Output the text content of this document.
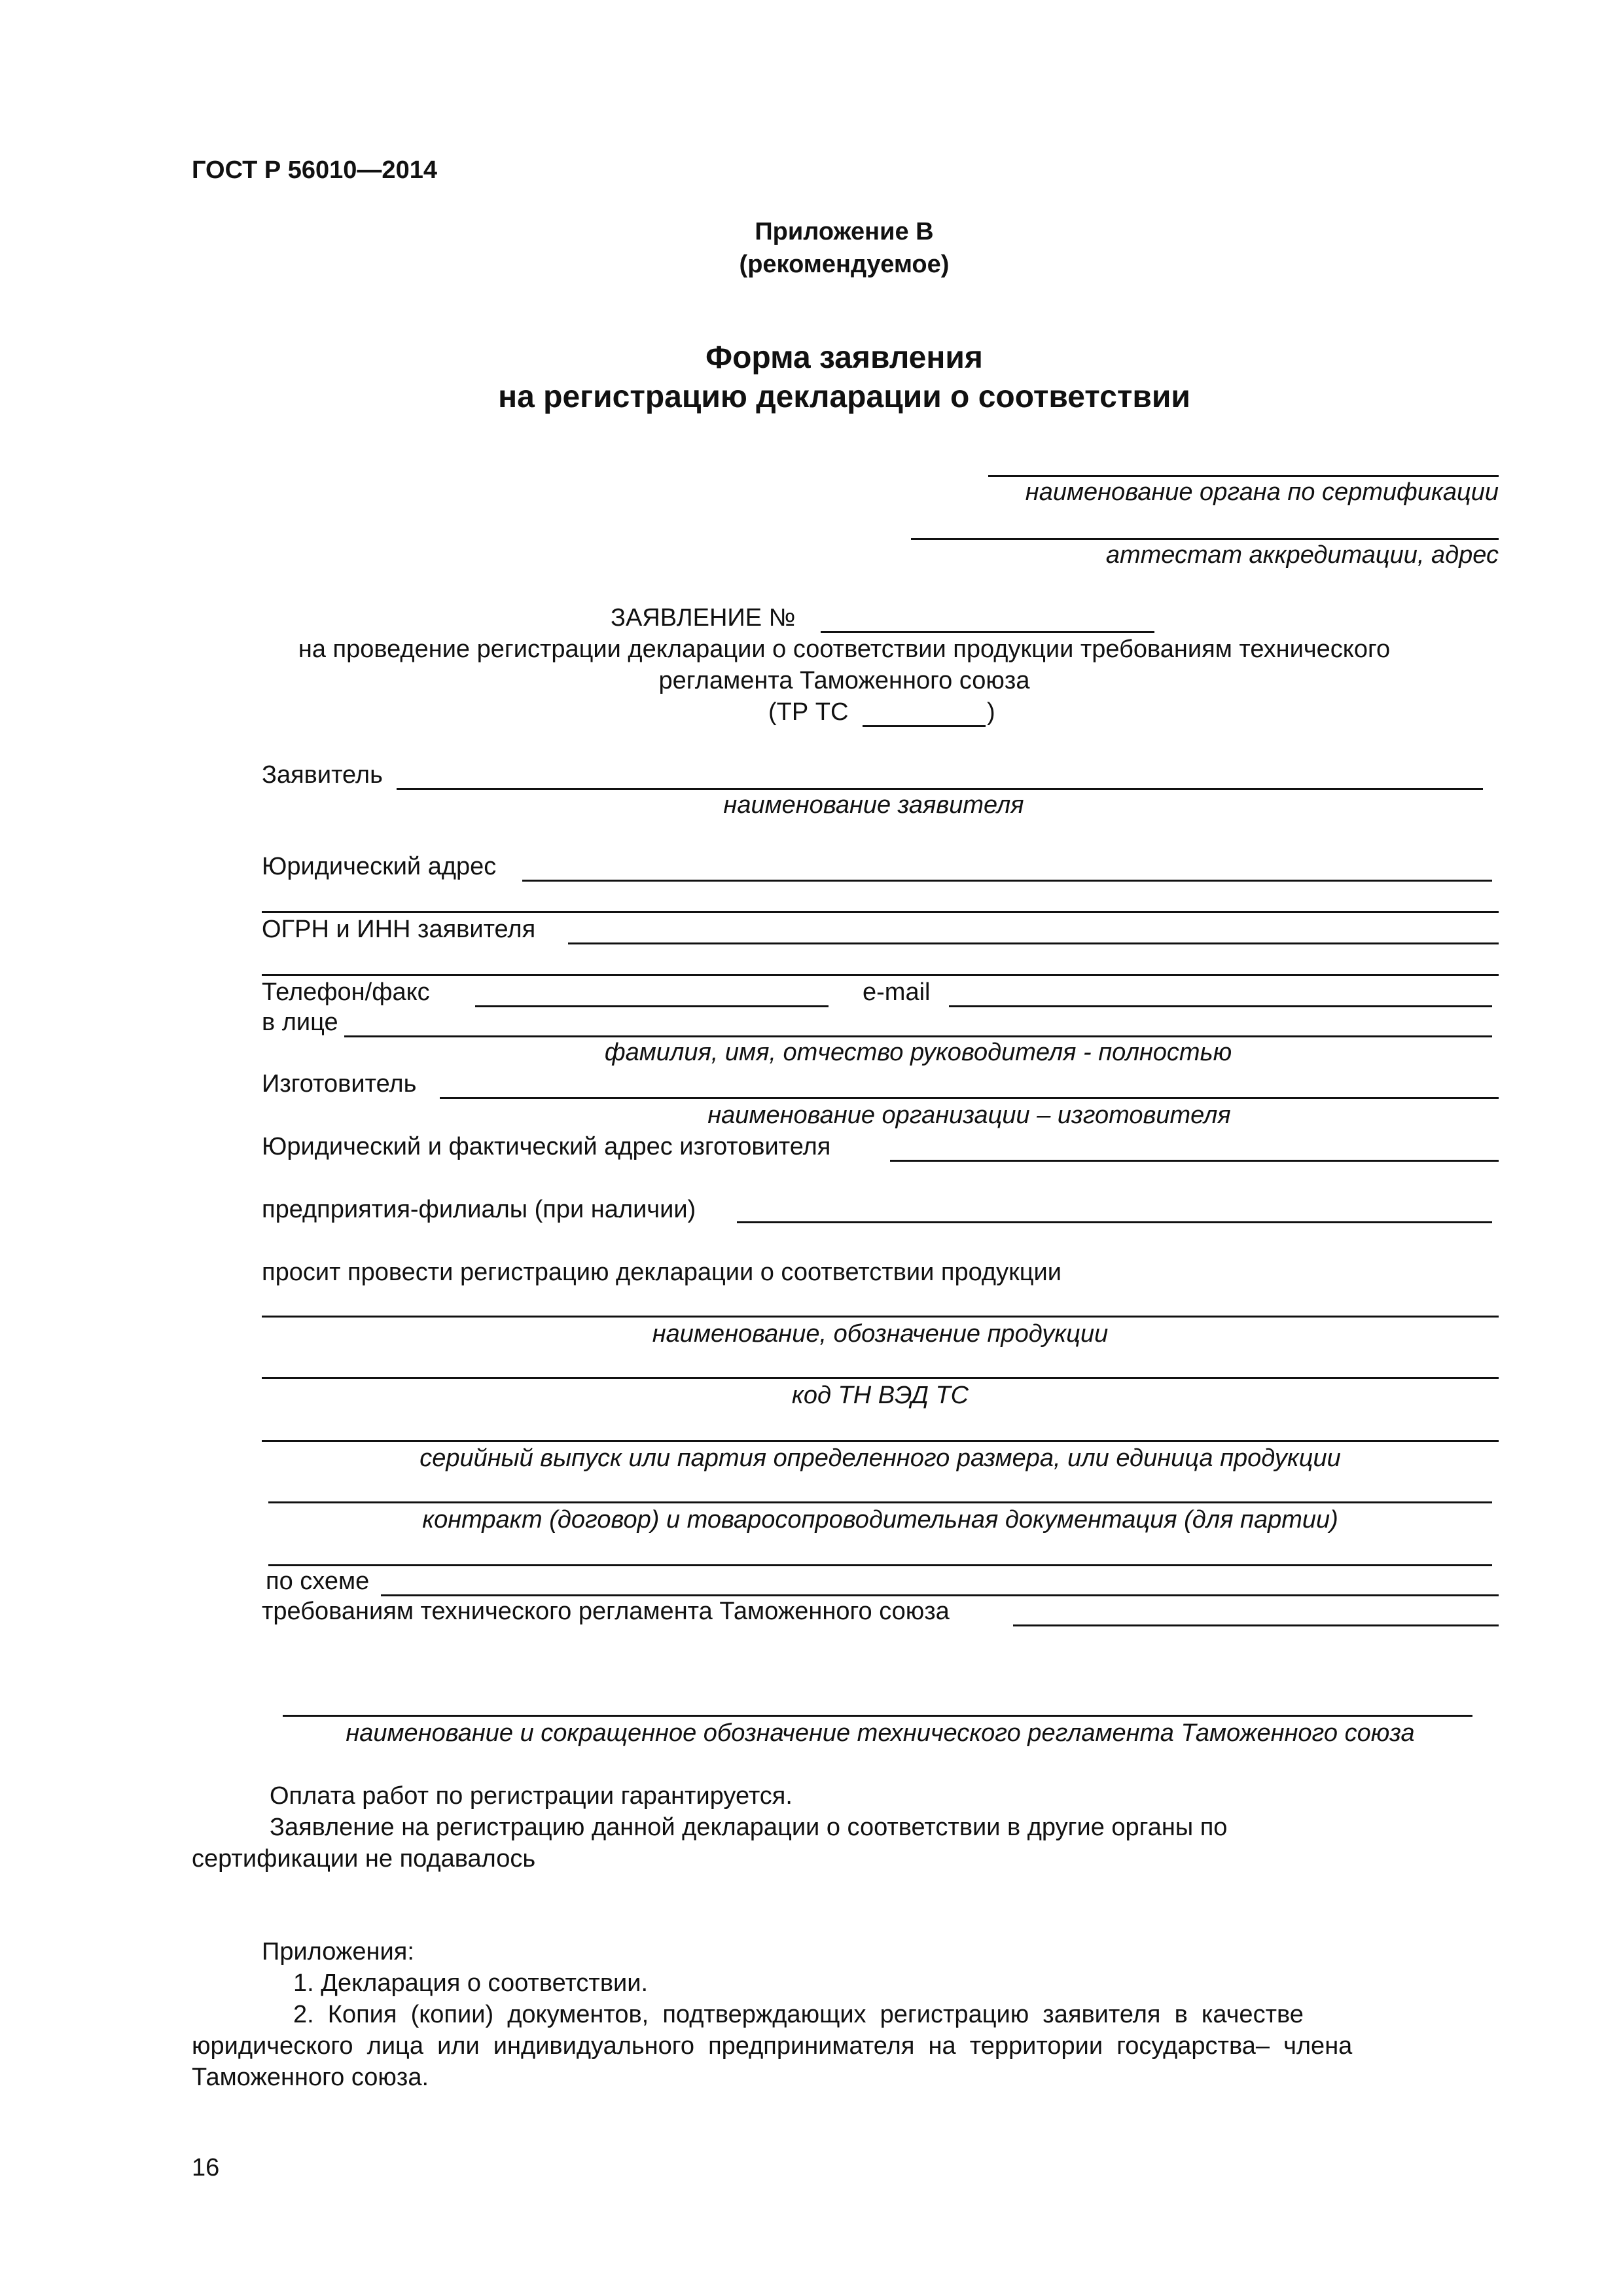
ГОСТ Р 56010—2014
Приложение В
(рекомендуемое)
Форма заявления
на регистрацию декларации о соответствии
наименование органа по сертификации
аттестат аккредитации, адрес
ЗАЯВЛЕНИЕ №
на проведение регистрации декларации о соответствии продукции требованиям технического
регламента Таможенного союза
(ТР ТС	)
Заявитель
наименование заявителя
Юридический адрес
ОГРН и ИНН заявителя
Телефон/факс	e-mail
в лице
фамилия, имя, отчество руководителя - полностью
Изготовитель
наименование организации – изготовителя
Юридический и фактический адрес изготовителя
предприятия-филиалы (при наличии)
просит провести регистрацию декларации о соответствии продукции
наименование, обозначение продукции
код ТН ВЭД ТС
серийный выпуск или партия определенного размера, или единица продукции
контракт (договор) и товаросопроводительная документация (для партии)
по схеме
требованиям технического регламента Таможенного союза
наименование и сокращенное обозначение технического регламента Таможенного союза
Оплата работ по регистрации гарантируется.
Заявление на регистрацию данной декларации о соответствии в другие органы по
сертификации не подавалось
Приложения:
1. Декларация о соответствии.
2.  Копия  (копии)  документов,  подтверждающих  регистрацию  заявителя  в  качестве
юридического  лица  или  индивидуального  предпринимателя  на  территории  государства–  члена
Таможенного союза.
16
